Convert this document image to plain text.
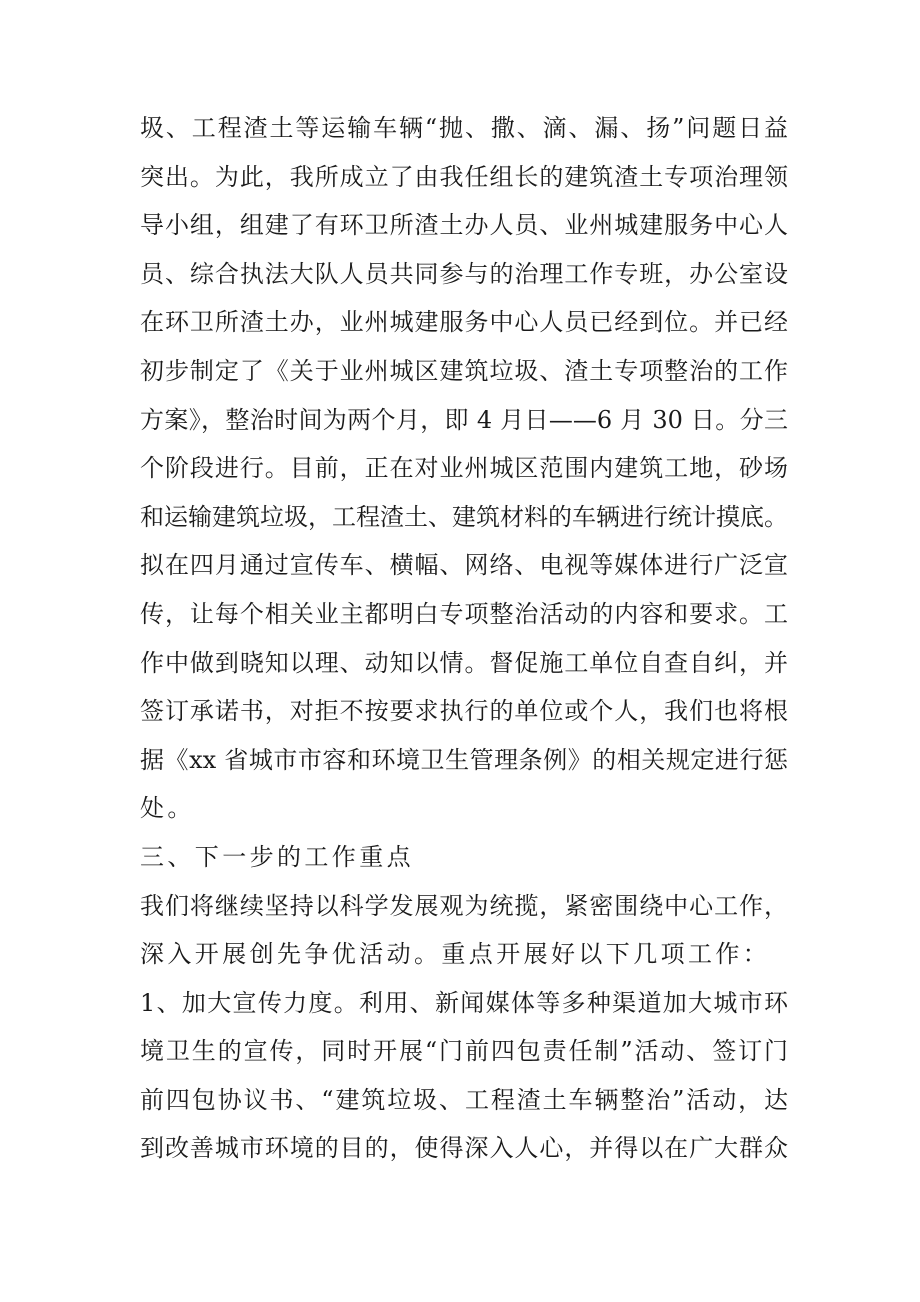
圾、工程渣土等运输车辆“抛、撒、滴、漏、扬”问题日益
突出。为此，我所成立了由我任组长的建筑渣土专项治理领
导小组，组建了有环卫所渣土办人员、业州城建服务中心人
员、综合执法大队人员共同参与的治理工作专班，办公室设
在环卫所渣土办，业州城建服务中心人员已经到位。并已经
初步制定了《关于业州城区建筑垃圾、渣土专项整治的工作
方案》，整治时间为两个月，即 4 月日——6 月 30 日。分三
个阶段进行。目前，正在对业州城区范围内建筑工地，砂场
和运输建筑垃圾，工程渣土、建筑材料的车辆进行统计摸底。
拟在四月通过宣传车、横幅、网络、电视等媒体进行广泛宣
传，让每个相关业主都明白专项整治活动的内容和要求。工
作中做到晓知以理、动知以情。督促施工单位自查自纠，并
签订承诺书，对拒不按要求执行的单位或个人，我们也将根
据《xx 省城市市容和环境卫生管理条例》的相关规定进行惩
处。
三、下一步的工作重点
我们将继续坚持以科学发展观为统揽，紧密围绕中心工作，
深入开展创先争优活动。重点开展好以下几项工作：
1、加大宣传力度。利用、新闻媒体等多种渠道加大城市环
境卫生的宣传，同时开展“门前四包责任制”活动、签订门
前四包协议书、“建筑垃圾、工程渣土车辆整治”活动，达
到改善城市环境的目的，使得深入人心，并得以在广大群众
